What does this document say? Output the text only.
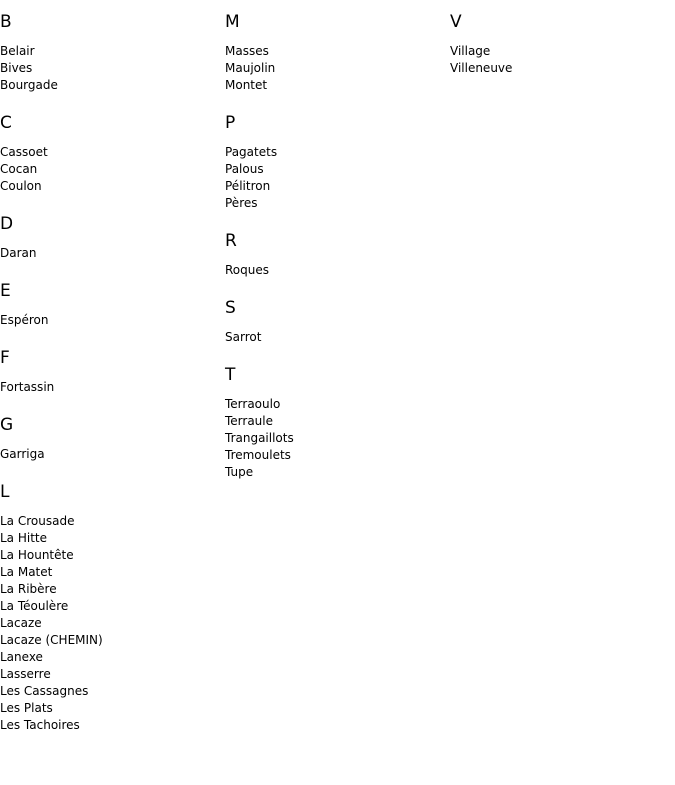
B
Belair
Bives
Bourgade
C
Cassoet
Cocan
Coulon
D
Daran
E
Espéron
F
Fortassin
G
Garriga
L
La Crousade
La Hitte
La Hountête
La Matet
La Ribère
La Téoulère
Lacaze
Lacaze (CHEMIN)
Lanexe
Lasserre
Les Cassagnes
Les Plats
Les Tachoires
M
Masses
Maujolin
Montet
P
Pagatets
Palous
Pélitron
Pères
R
Roques
S
Sarrot
T
Terraoulo
Terraule
Trangaillots
Tremoulets
Tupe
V
Village
Villeneuve
